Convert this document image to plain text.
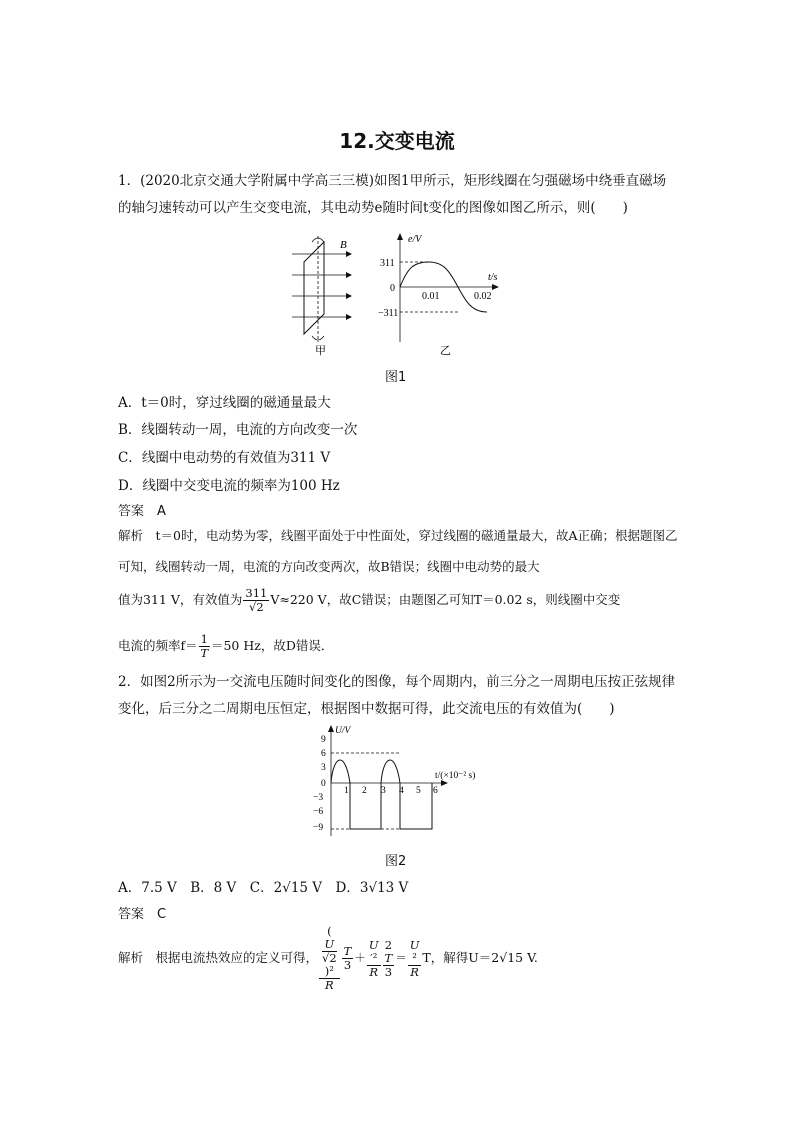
12.交变电流
1．(2020北京交通大学附属中学高三三模)如图1甲所示，矩形线圈在匀强磁场中绕垂直磁场的轴匀速转动可以产生交变电流，其电动势e随时间t变化的图像如图乙所示，则(　　)
B
甲
e/V
t/s
311
0
−311
0.01	0.02
乙
图1
A．t＝0时，穿过线圈的磁通量最大
B．线圈转动一周，电流的方向改变一次
C．线圈中电动势的有效值为311 V
D．线圈中交变电流的频率为100 Hz
答案　A
解析　t＝0时，电动势为零，线圈平面处于中性面处，穿过线圈的磁通量最大，故A正确；根据题图乙可知，线圈转动一周，电流的方向改变两次，故B错误；线圈中电动势的最大
值为311 V，有效值为 $\frac{311}{√2} V\approx 220$ V，故C错误；由题图乙可知T＝0.02 s，则线圈中交变
电流的频率$f= \frac{1}{T} =50$ Hz，故D错误．
2．如图2所示为一交流电压随时间变化的图像，每个周期内，前三分之一周期电压按正弦规律变化，后三分之二周期电压恒定，根据图中数据可得，此交流电压的有效值为(　　)
U/V
t/(×10⁻² s)
9
6
3
0
−3
−6
−9
1 2 3 4 5 6
图2
A．7.5 V　B．8 V　C．2√15 V　D．3√13 V
答案　C
解析　根据电流热效应的定义可得， (
U
√2
)²
R $\frac{T}{3} + U$
′²
R 2
T
3 ＝ U
²
R T，解得U＝2√15 V.
